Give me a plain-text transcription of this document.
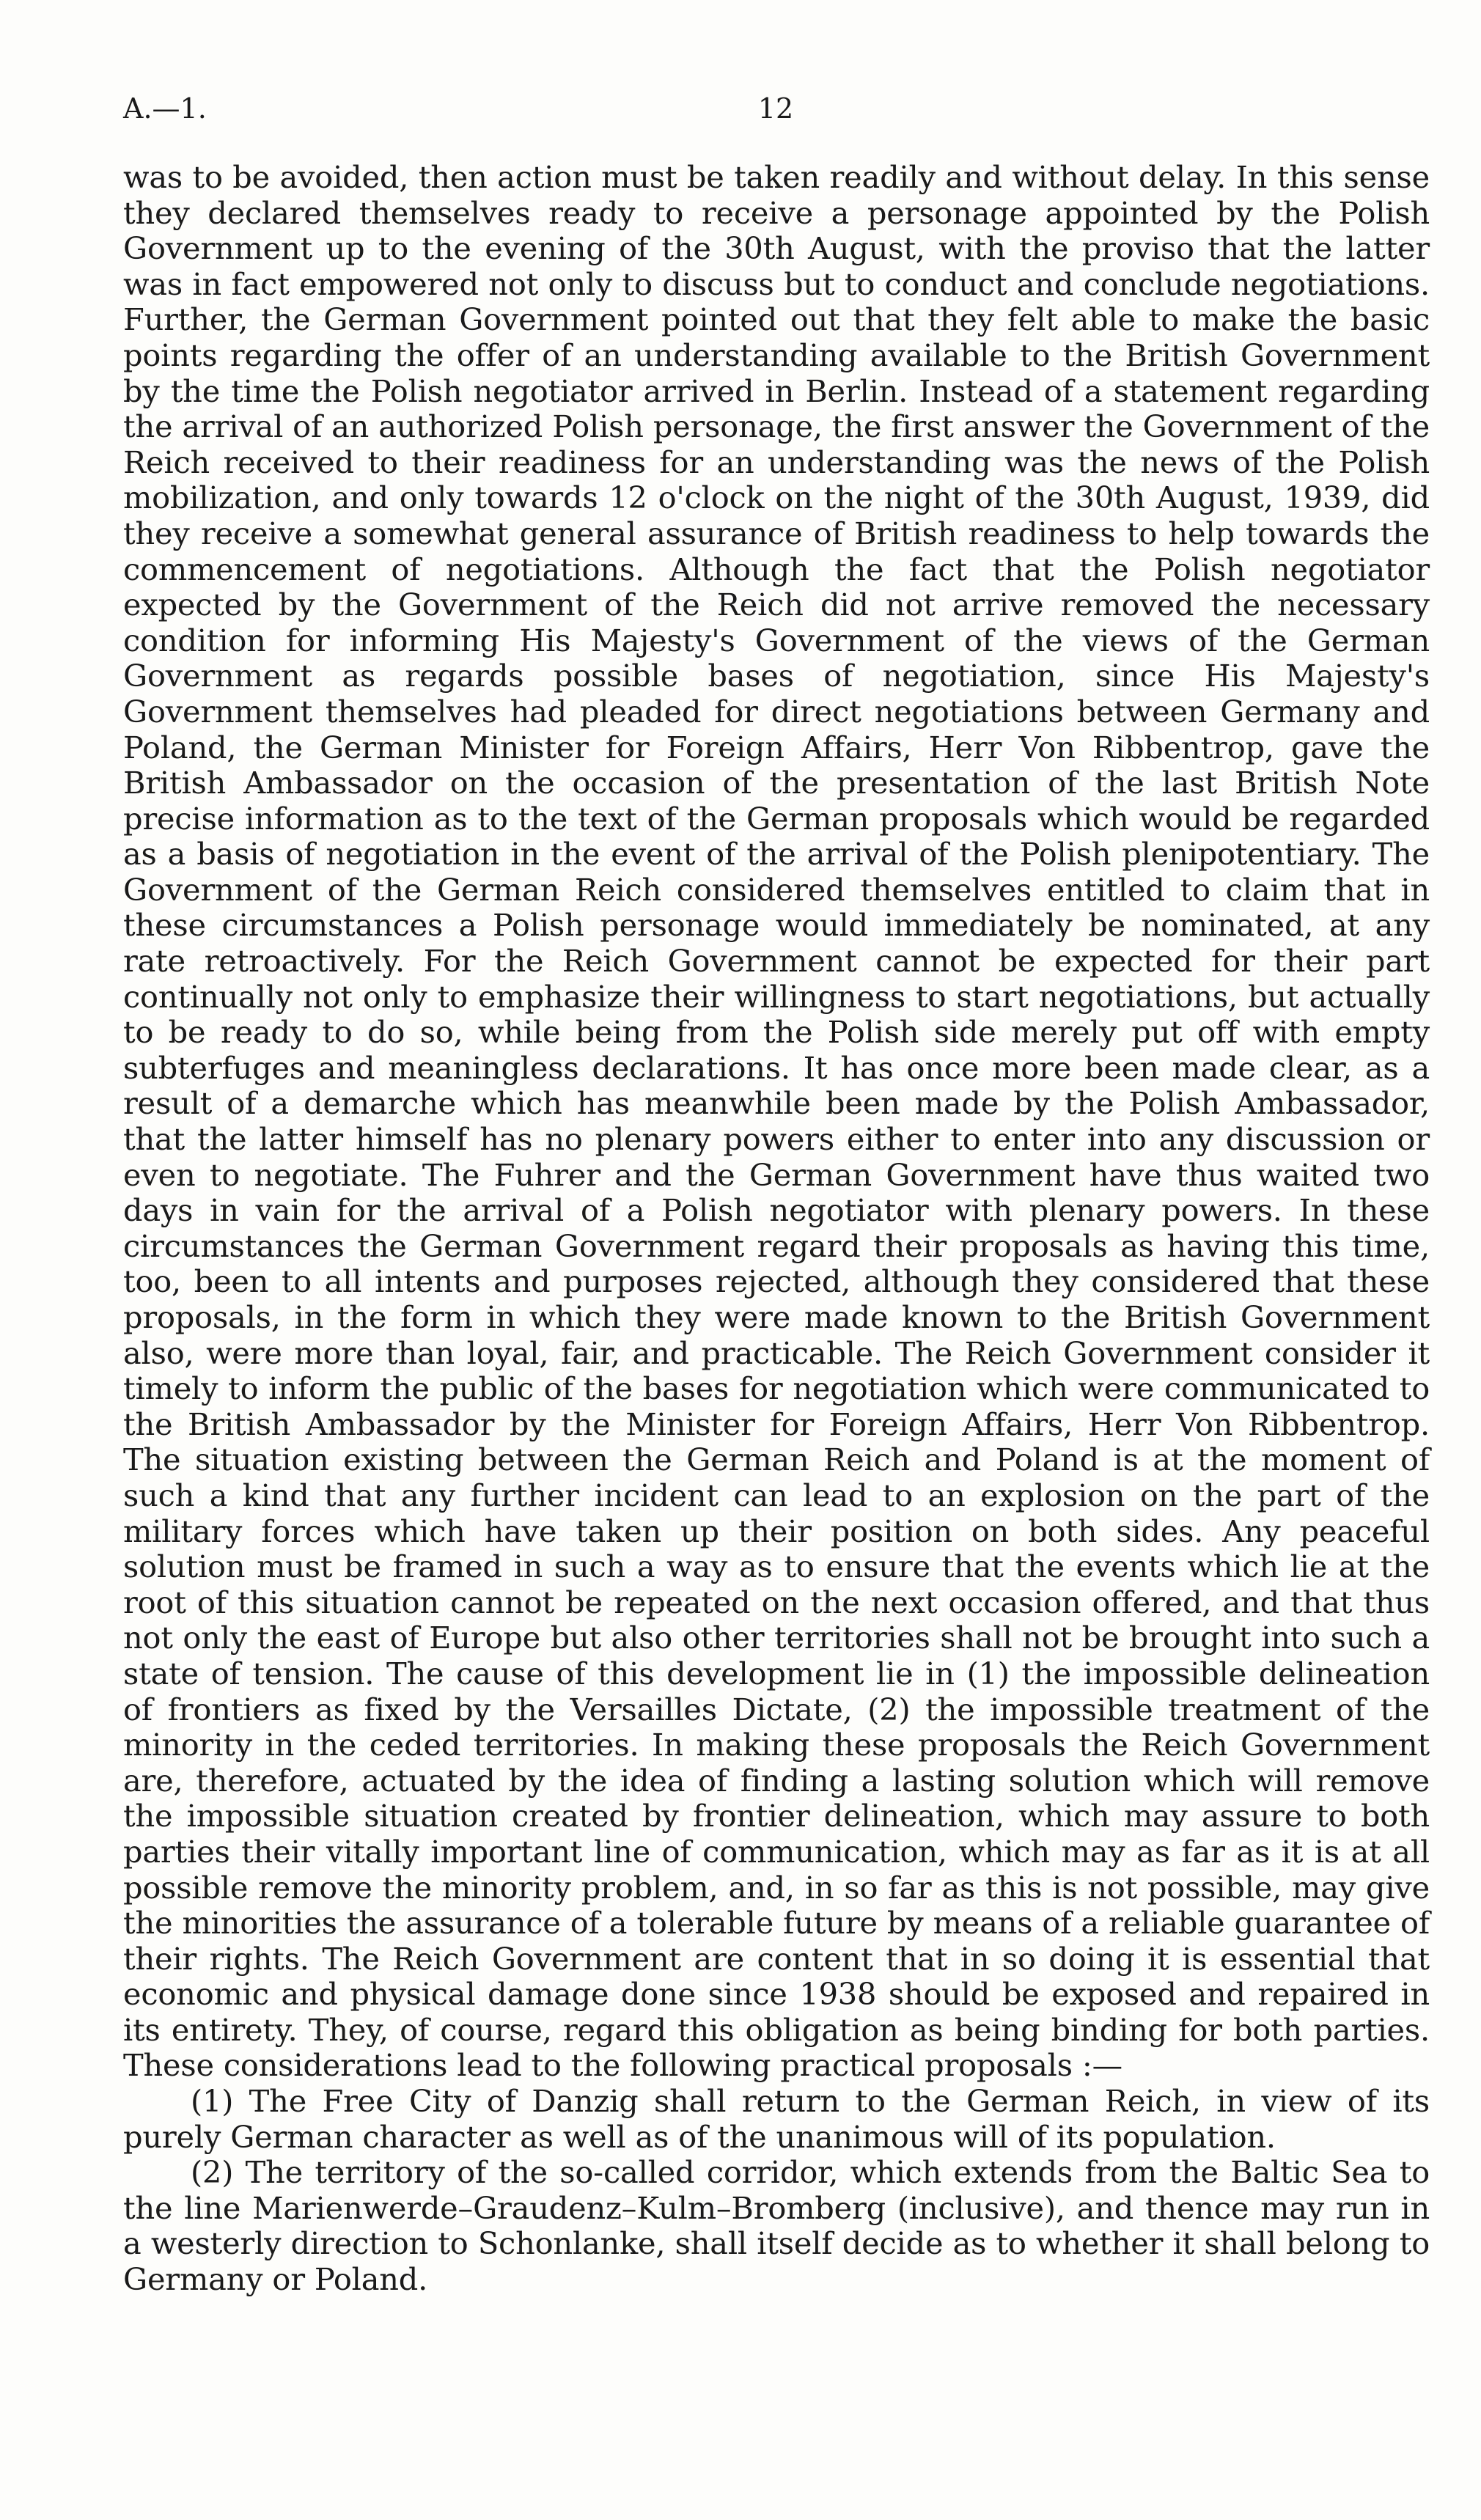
A.—1.	12

was to be avoided, then action must be taken readily and without delay. In this sense they declared themselves ready to receive a personage appointed by the Polish Government up to the evening of the 30th August, with the proviso that the latter was in fact empowered not only to discuss but to conduct and conclude negotiations. Further, the German Government pointed out that they felt able to make the basic points regarding the offer of an understanding available to the British Government by the time the Polish negotiator arrived in Berlin. Instead of a statement regarding the arrival of an authorized Polish personage, the first answer the Government of the Reich received to their readiness for an understanding was the news of the Polish mobilization, and only towards 12 o'clock on the night of the 30th August, 1939, did they receive a somewhat general assurance of British readiness to help towards the commencement of negotiations. Although the fact that the Polish negotiator expected by the Government of the Reich did not arrive removed the necessary condition for informing His Majesty's Government of the views of the German Government as regards possible bases of negotiation, since His Majesty's Government themselves had pleaded for direct negotiations between Germany and Poland, the German Minister for Foreign Affairs, Herr Von Ribbentrop, gave the British Ambassador on the occasion of the presentation of the last British Note precise information as to the text of the German proposals which would be regarded as a basis of negotiation in the event of the arrival of the Polish plenipotentiary. The Government of the German Reich considered themselves entitled to claim that in these circumstances a Polish personage would immediately be nominated, at any rate retroactively. For the Reich Government cannot be expected for their part continually not only to emphasize their willingness to start negotiations, but actually to be ready to do so, while being from the Polish side merely put off with empty subterfuges and meaningless declarations. It has once more been made clear, as a result of a demarche which has meanwhile been made by the Polish Ambassador, that the latter himself has no plenary powers either to enter into any discussion or even to negotiate. The Fuhrer and the German Government have thus waited two days in vain for the arrival of a Polish negotiator with plenary powers. In these circumstances the German Government regard their proposals as having this time, too, been to all intents and purposes rejected, although they considered that these proposals, in the form in which they were made known to the British Government also, were more than loyal, fair, and practicable. The Reich Government consider it timely to inform the public of the bases for negotiation which were communicated to the British Ambassador by the Minister for Foreign Affairs, Herr Von Ribbentrop. The situation existing between the German Reich and Poland is at the moment of such a kind that any further incident can lead to an explosion on the part of the military forces which have taken up their position on both sides. Any peaceful solution must be framed in such a way as to ensure that the events which lie at the root of this situation cannot be repeated on the next occasion offered, and that thus not only the east of Europe but also other territories shall not be brought into such a state of tension. The cause of this development lie in (1) the impossible delineation of frontiers as fixed by the Versailles Dictate, (2) the impossible treatment of the minority in the ceded territories. In making these proposals the Reich Government are, therefore, actuated by the idea of finding a lasting solution which will remove the impossible situation created by frontier delineation, which may assure to both parties their vitally important line of communication, which may as far as it is at all possible remove the minority problem, and, in so far as this is not possible, may give the minorities the assurance of a tolerable future by means of a reliable guarantee of their rights. The Reich Government are content that in so doing it is essential that economic and physical damage done since 1938 should be exposed and repaired in its entirety. They, of course, regard this obligation as being binding for both parties. These considerations lead to the following practical proposals :—

(1) The Free City of Danzig shall return to the German Reich, in view of its purely German character as well as of the unanimous will of its population.

(2) The territory of the so-called corridor, which extends from the Baltic Sea to the line Marienwerde–Graudenz–Kulm–Bromberg (inclusive), and thence may run in a westerly direction to Schonlanke, shall itself decide as to whether it shall belong to Germany or Poland.
